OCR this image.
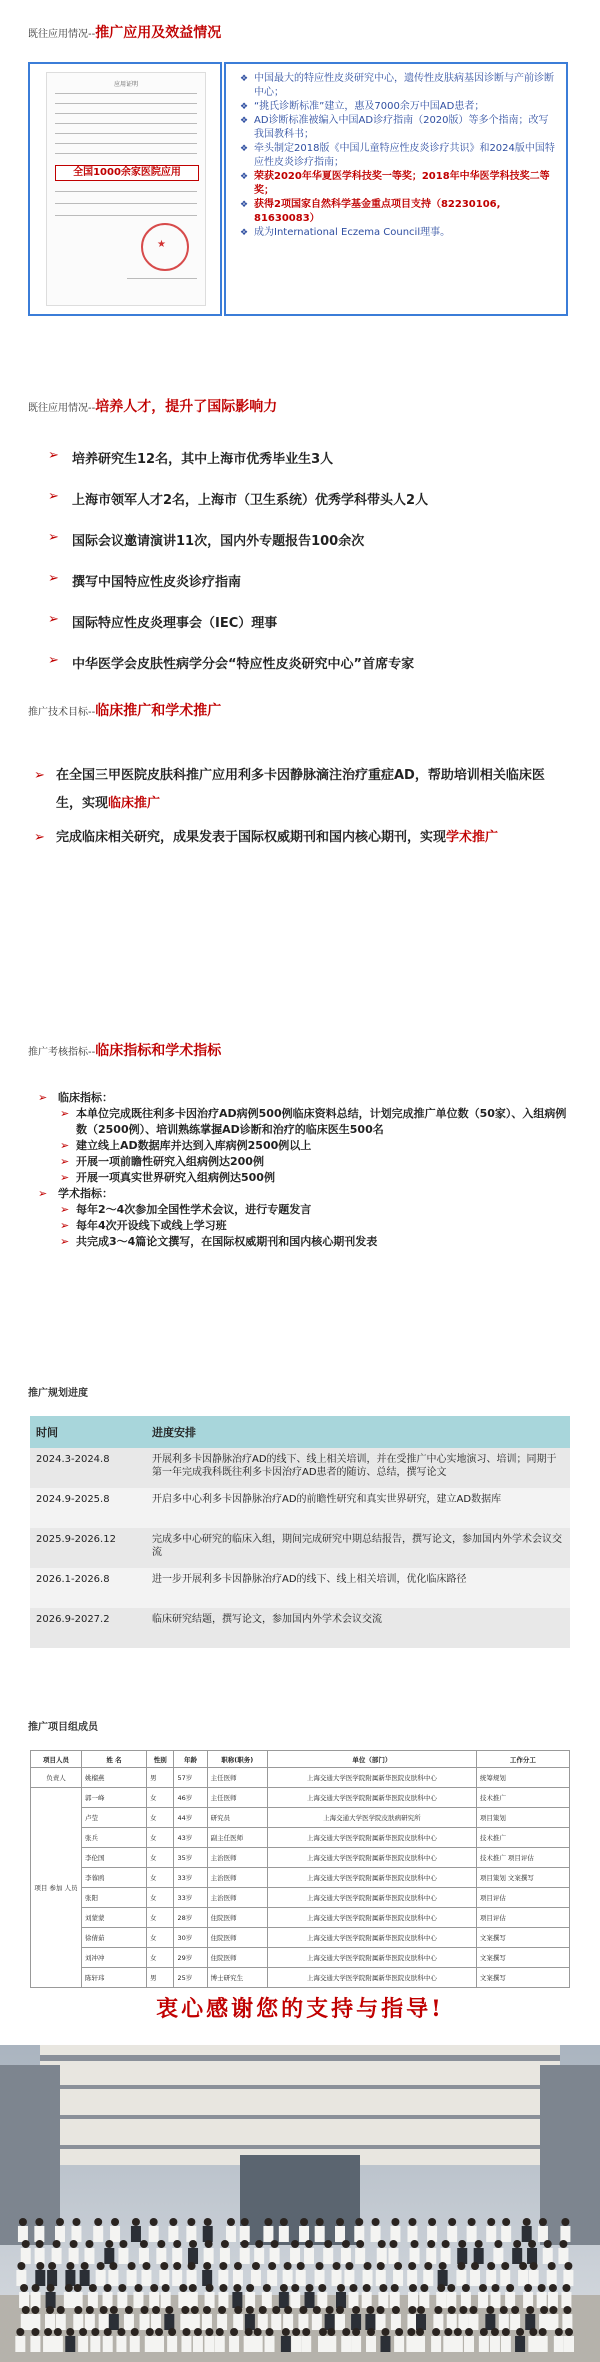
既往应用情况--推广应用及效益情况
应用证明
全国1000余家医院应用
★
❖ 中国最大的特应性皮炎研究中心，遗传性皮肤病基因诊断与产前诊断中心；
❖ “挑氏诊断标准”建立，惠及7000余万中国AD患者；
❖ AD诊断标准被编入中国AD诊疗指南（2020版）等多个指南；改写我国教科书；
❖ 牵头制定2018版《中国儿童特应性皮炎诊疗共识》和2024版中国特应性皮炎诊疗指南；
❖ 荣获2020年华夏医学科技奖一等奖；2018年中华医学科技奖二等奖；
❖ 获得2项国家自然科学基金重点项目支持（82230106, 81630083）
❖ 成为International Eczema Council理事。
既往应用情况--培养人才，提升了国际影响力
➢ 培养研究生12名，其中上海市优秀毕业生3人
➢ 上海市领军人才2名，上海市（卫生系统）优秀学科带头人2人
➢ 国际会议邀请演讲11次，国内外专题报告100余次
➢ 撰写中国特应性皮炎诊疗指南
➢ 国际特应性皮炎理事会（IEC）理事
➢ 中华医学会皮肤性病学分会“特应性皮炎研究中心”首席专家
推广技术目标--临床推广和学术推广
➢ 在全国三甲医院皮肤科推广应用利多卡因静脉滴注治疗重症AD，帮助培训相关临床医生，实现临床推广
➢ 完成临床相关研究，成果发表于国际权威期刊和国内核心期刊，实现学术推广
推广考核指标--临床指标和学术指标
➢ 临床指标：
➢ 本单位完成既往利多卡因治疗AD病例500例临床资料总结，计划完成推广单位数（50家）、入组病例数（2500例）、培训熟练掌握AD诊断和治疗的临床医生500名
➢ 建立线上AD数据库并达到入库病例2500例以上
➢ 开展一项前瞻性研究入组病例达200例
➢ 开展一项真实世界研究入组病例达500例
➢ 学术指标：
➢ 每年2～4次参加全国性学术会议，进行专题发言
➢ 每年4次开设线下或线上学习班
➢ 共完成3～4篇论文撰写，在国际权威期刊和国内核心期刊发表
推广规划进度
时间	进度安排
2024.3-2024.8	开展利多卡因静脉治疗AD的线下、线上相关培训，并在受推广中心实地演习、培训；同期于第一年完成我科既往利多卡因治疗AD患者的随访、总结，撰写论文
2024.9-2025.8	开启多中心利多卡因静脉治疗AD的前瞻性研究和真实世界研究，建立AD数据库
2025.9-2026.12	完成多中心研究的临床入组，期间完成研究中期总结报告，撰写论文，参加国内外学术会议交流
2026.1-2026.8	进一步开展利多卡因静脉治疗AD的线下、线上相关培训，优化临床路径
2026.9-2027.2	临床研究结题，撰写论文，参加国内外学术会议交流
推广项目组成员
项目人员	姓 名	性别	年龄	职称(职务)	单位（部门）	工作分工
负责人	姚榴燕	男	57岁	主任医师	上海交通大学医学院附属新华医院皮肤科中心	统筹规划
项目 参加 人员	郭一峰	女	46岁	主任医师	上海交通大学医学院附属新华医院皮肤科中心	技术推广
	卢莹	女	44岁	研究员	上海交通大学医学院皮肤病研究所	项目策划
	张兵	女	43岁	副主任医师	上海交通大学医学院附属新华医院皮肤科中心	技术推广
	李伦国	女	35岁	主治医师	上海交通大学医学院附属新华医院皮肤科中心	技术推广 项目评估
	李蓉鸥	女	33岁	主治医师	上海交通大学医学院附属新华医院皮肤科中心	项目策划 文案撰写
	张阳	女	33岁	主治医师	上海交通大学医学院附属新华医院皮肤科中心	项目评估
	刘蒙蒙	女	28岁	住院医师	上海交通大学医学院附属新华医院皮肤科中心	项目评估
	徐倩茹	女	30岁	住院医师	上海交通大学医学院附属新华医院皮肤科中心	文案撰写
	刘冲冲	女	29岁	住院医师	上海交通大学医学院附属新华医院皮肤科中心	文案撰写
	陈轩玮	男	25岁	博士研究生	上海交通大学医学院附属新华医院皮肤科中心	文案撰写
衷心感谢您的支持与指导!
